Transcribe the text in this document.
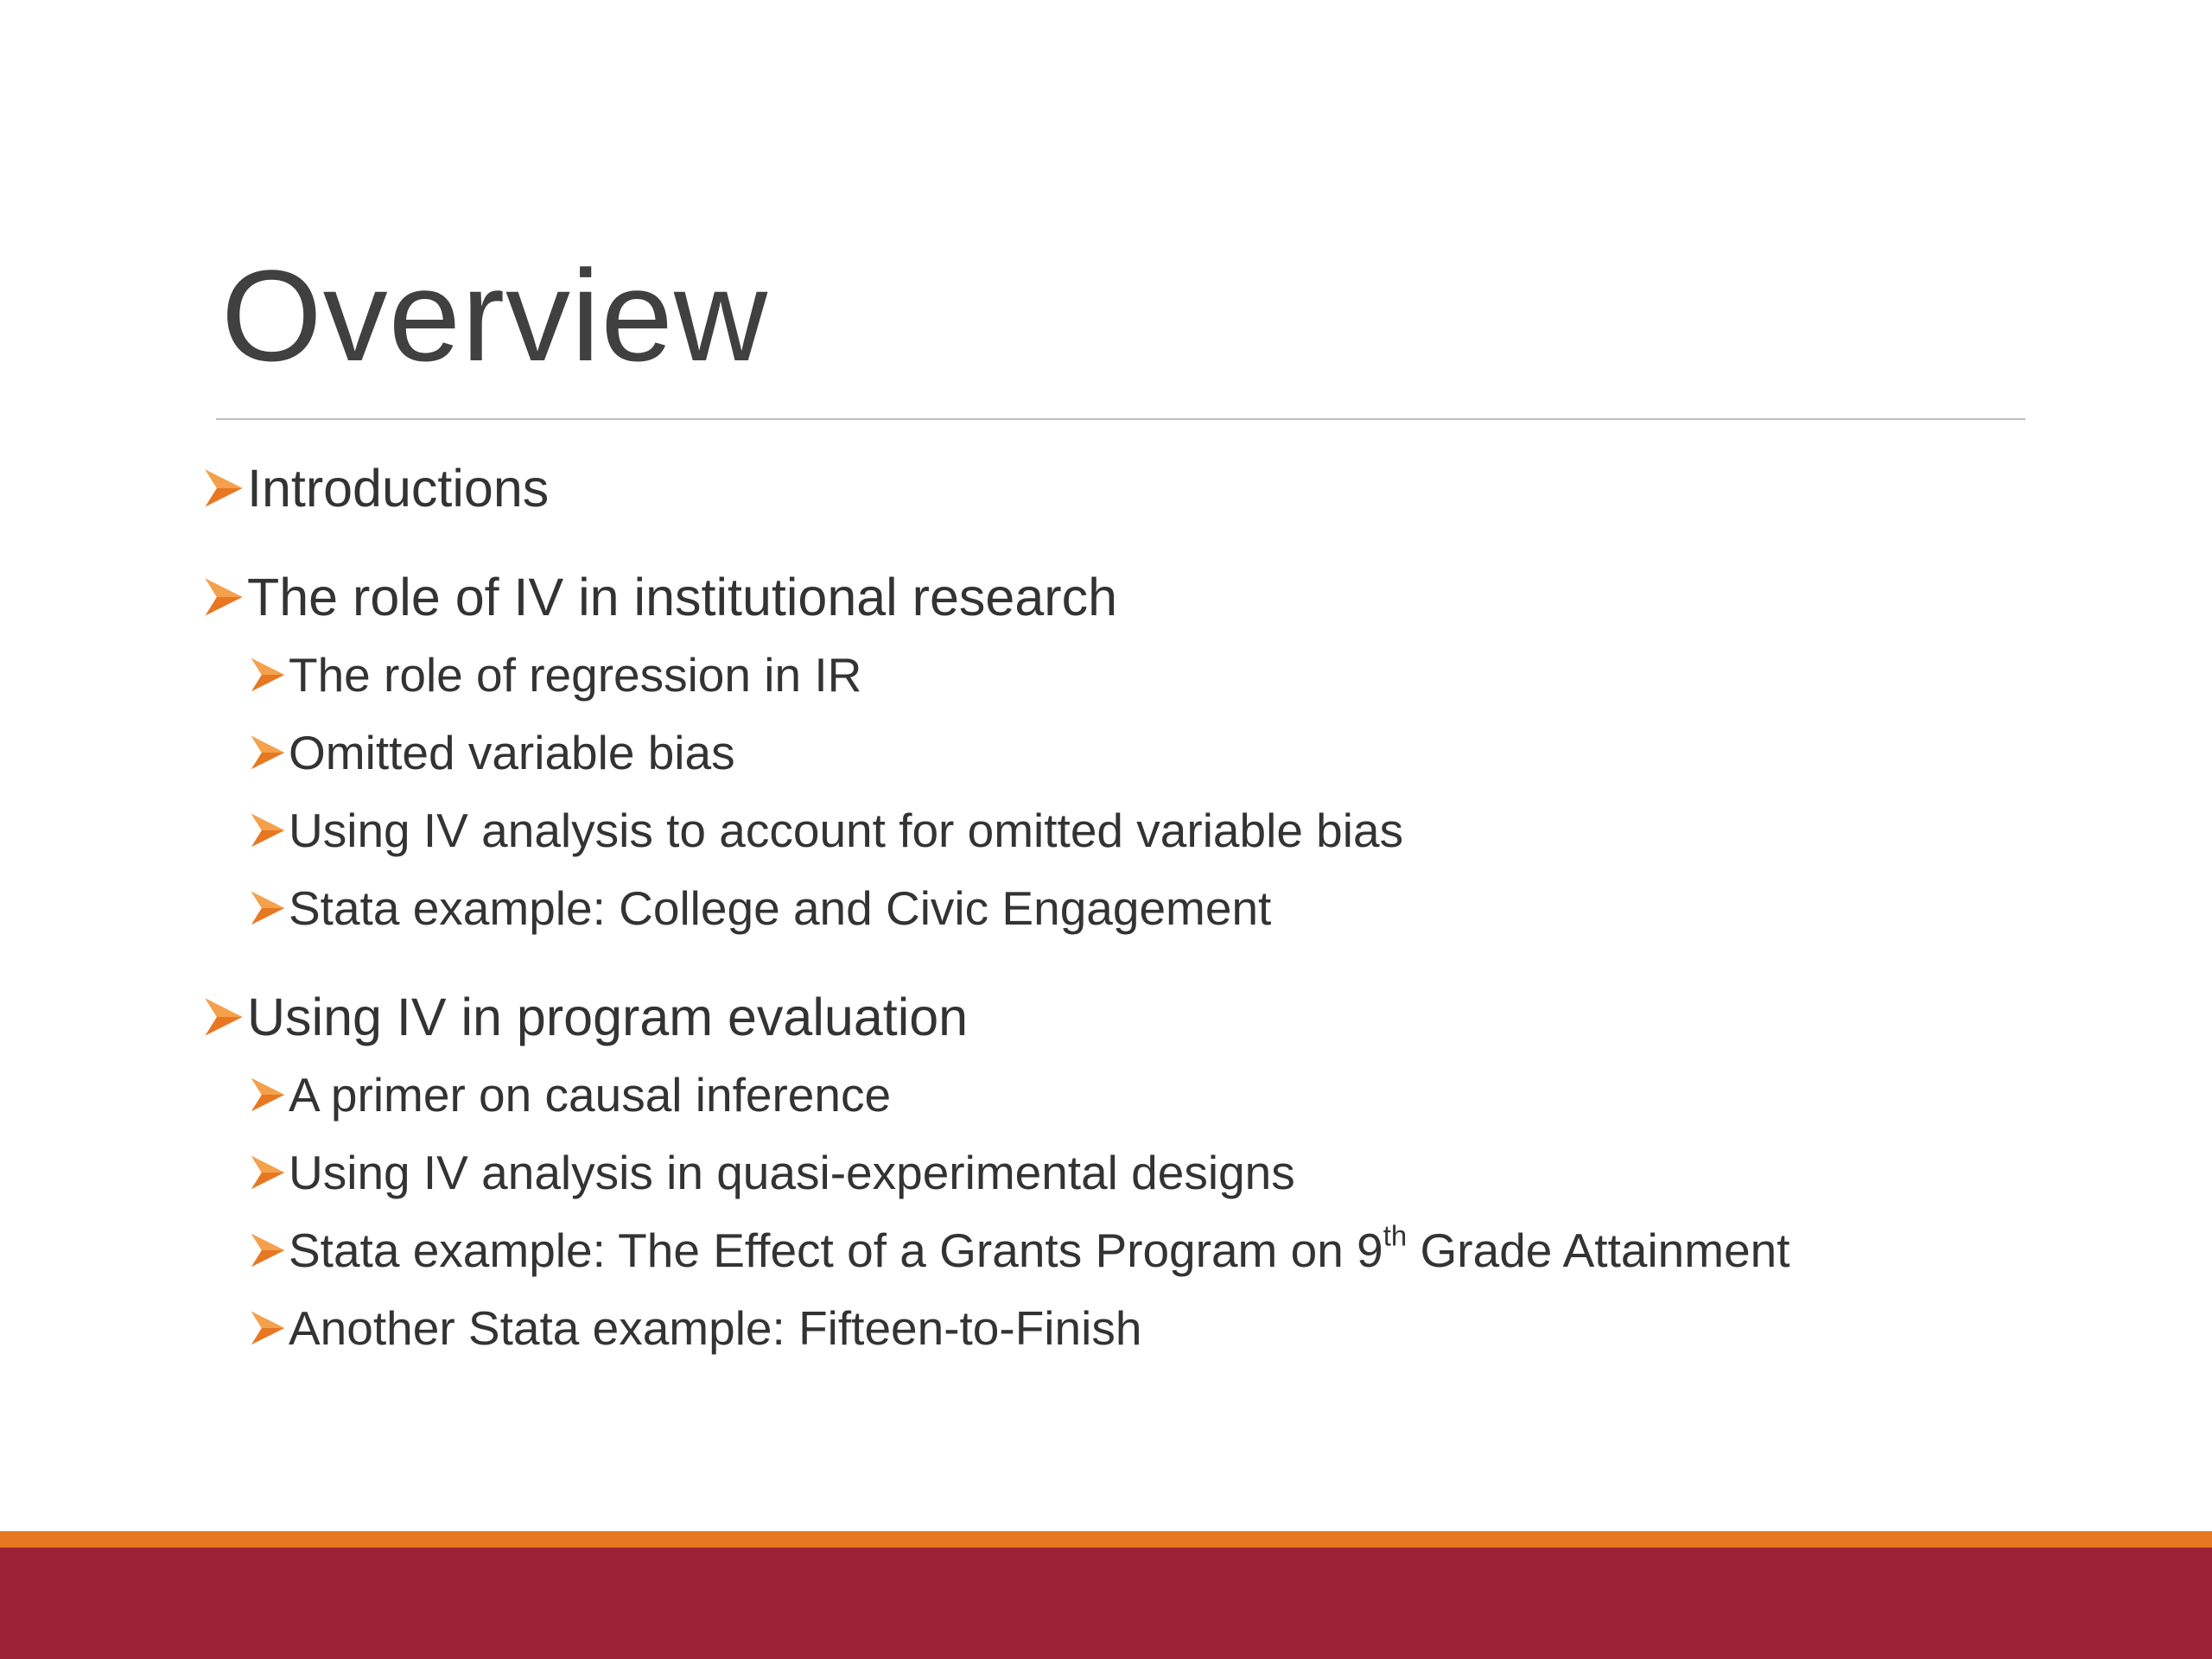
Overview
Introductions
The role of IV in institutional research
The role of regression in IR
Omitted variable bias
Using IV analysis to account for omitted variable bias
Stata example: College and Civic Engagement
Using IV in program evaluation
A primer on causal inference
Using IV analysis in quasi-experimental designs
Stata example: The Effect of a Grants Program on 9th Grade Attainment
Another Stata example: Fifteen-to-Finish
